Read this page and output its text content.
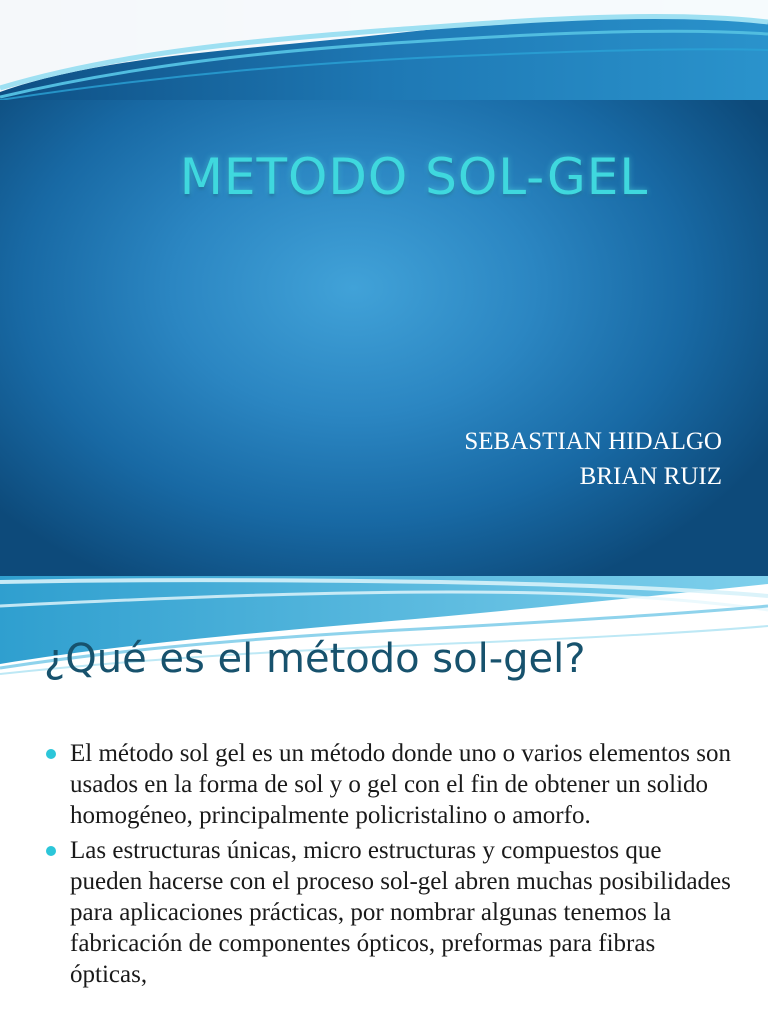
METODO SOL-GEL
SEBASTIAN HIDALGO
BRIAN RUIZ
¿Qué es el método sol-gel?
El método sol gel es un método donde uno o varios elementos son usados en la forma de sol y o gel con el fin de obtener un solido homogéneo, principalmente policristalino o amorfo.
Las estructuras únicas, micro estructuras y compuestos que pueden hacerse con el proceso sol-gel abren muchas posibilidades para aplicaciones prácticas, por nombrar algunas tenemos la fabricación de componentes ópticos, preformas para fibras ópticas,
